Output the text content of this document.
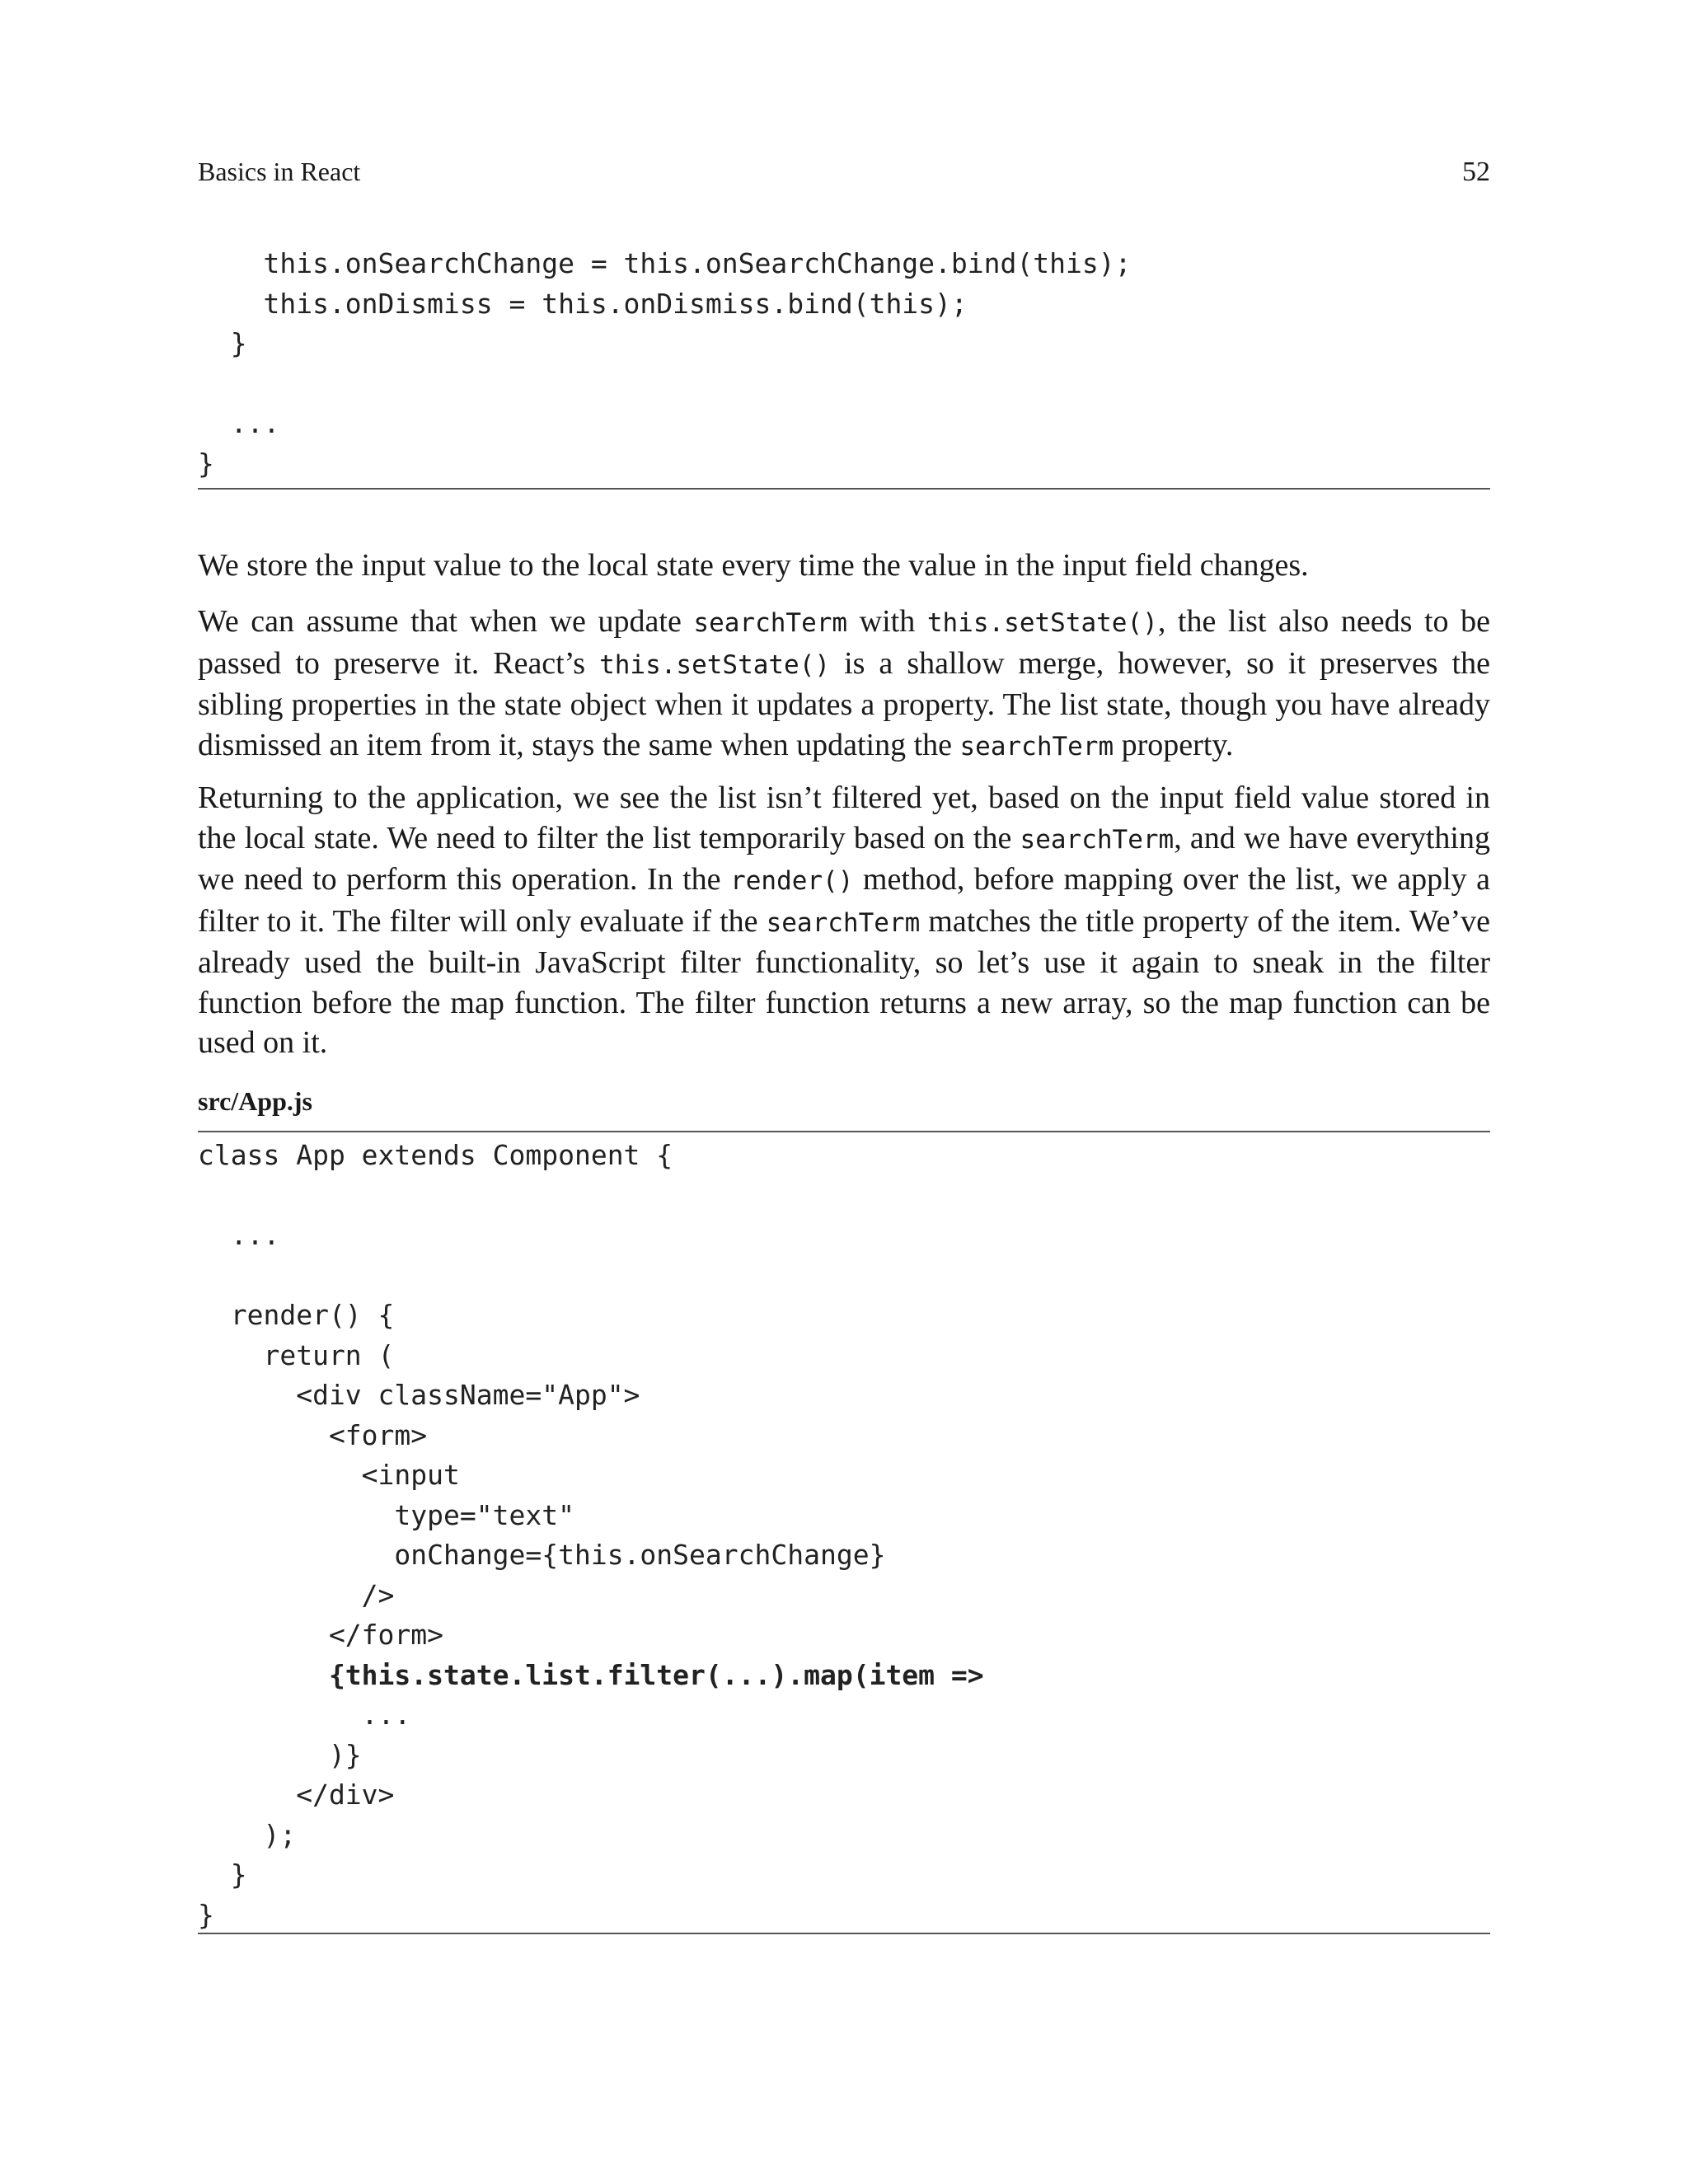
Basics in React	52
this.onSearchChange = this.onSearchChange.bind(this);
this.onDismiss = this.onDismiss.bind(this);
}
...
}

We store the input value to the local state every time the value in the input field changes.

We can assume that when we update searchTerm with this.setState(), the list also needs to be passed to preserve it. React’s this.setState() is a shallow merge, however, so it preserves the sibling properties in the state object when it updates a property. The list state, though you have already dismissed an item from it, stays the same when updating the searchTerm property.

Returning to the application, we see the list isn’t filtered yet, based on the input field value stored in the local state. We need to filter the list temporarily based on the searchTerm, and we have everything we need to perform this operation. In the render() method, before mapping over the list, we apply a filter to it. The filter will only evaluate if the searchTerm matches the title property of the item. We’ve already used the built-in JavaScript filter functionality, so let’s use it again to sneak in the filter function before the map function. The filter function returns a new array, so the map function can be used on it.

src/App.js
class App extends Component {
...
render() {
return (
<div className="App">
<form>
<input
type="text"
onChange={this.onSearchChange}
/>
</form>
{this.state.list.filter(...).map(item =>
...
)}
</div>
);
}
}
